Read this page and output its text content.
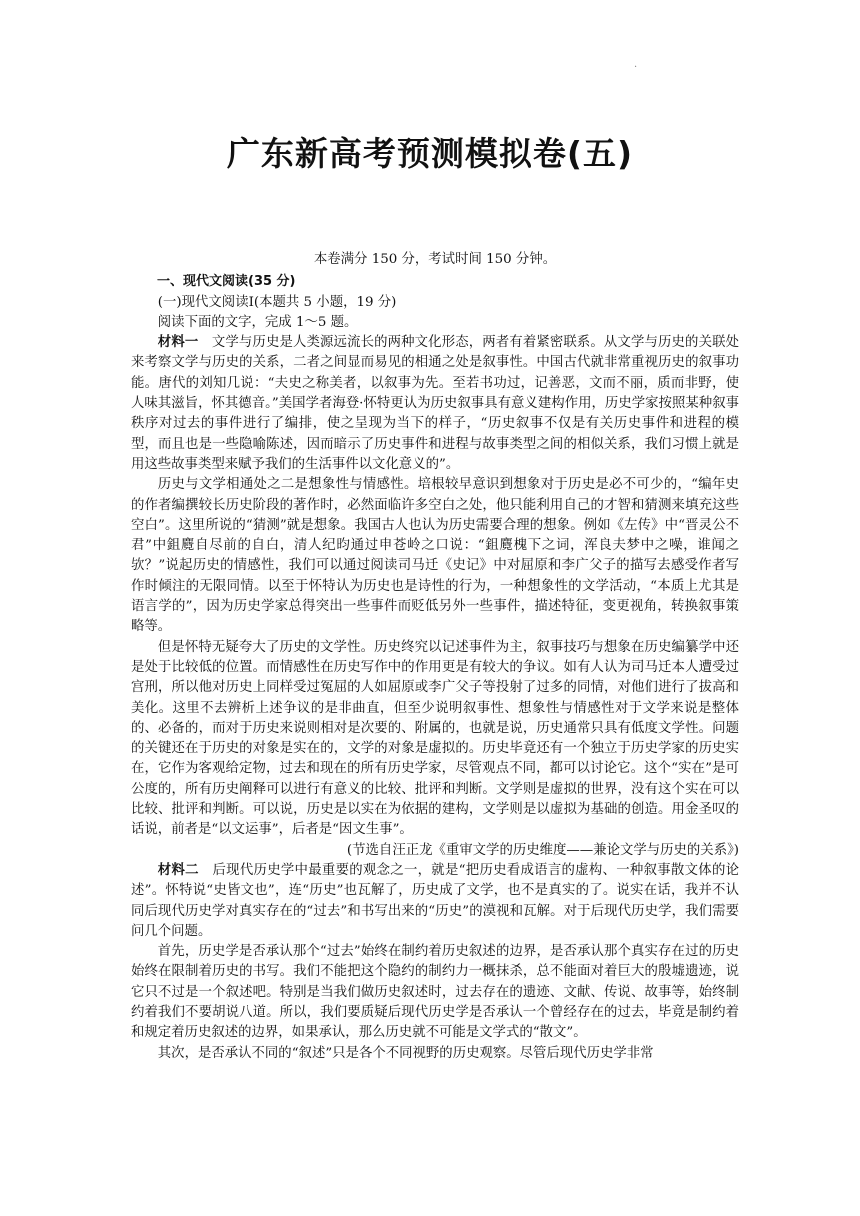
·
广东新高考预测模拟卷(五)

本卷满分 150 分，考试时间 150 分钟。

一、现代文阅读(35 分)

(一)现代文阅读Ⅰ(本题共 5 小题，19 分)

阅读下面的文字，完成 1～5 题。

材料一  文学与历史是人类源远流长的两种文化形态，两者有着紧密联系。从文学与历史的关联处来考察文学与历史的关系，二者之间显而易见的相通之处是叙事性。中国古代就非常重视历史的叙事功能。唐代的刘知几说：“夫史之称美者，以叙事为先。至若书功过，记善恶，文而不丽，质而非野，使人味其滋旨，怀其德音。”美国学者海登·怀特更认为历史叙事具有意义建构作用，历史学家按照某种叙事秩序对过去的事件进行了编排，使之呈现为当下的样子，“历史叙事不仅是有关历史事件和进程的模型，而且也是一些隐喻陈述，因而暗示了历史事件和进程与故事类型之间的相似关系，我们习惯上就是用这些故事类型来赋予我们的生活事件以文化意义的”。

历史与文学相通处之二是想象性与情感性。培根较早意识到想象对于历史是必不可少的，“编年史的作者编撰较长历史阶段的著作时，必然面临许多空白之处，他只能利用自己的才智和猜测来填充这些空白”。这里所说的“猜测”就是想象。我国古人也认为历史需要合理的想象。例如《左传》中“晋灵公不君”中鉏麑自尽前的自白，清人纪昀通过申苍岭之口说：“鉏麑槐下之词，浑良夫梦中之噪，谁闻之欤？”说起历史的情感性，我们可以通过阅读司马迁《史记》中对屈原和李广父子的描写去感受作者写作时倾注的无限同情。以至于怀特认为历史也是诗性的行为，一种想象性的文学活动，“本质上尤其是语言学的”，因为历史学家总得突出一些事件而贬低另外一些事件，描述特征，变更视角，转换叙事策略等。

但是怀特无疑夸大了历史的文学性。历史终究以记述事件为主，叙事技巧与想象在历史编纂学中还是处于比较低的位置。而情感性在历史写作中的作用更是有较大的争议。如有人认为司马迁本人遭受过宫刑，所以他对历史上同样受过冤屈的人如屈原或李广父子等投射了过多的同情，对他们进行了拔高和美化。这里不去辨析上述争议的是非曲直，但至少说明叙事性、想象性与情感性对于文学来说是整体的、必备的，而对于历史来说则相对是次要的、附属的，也就是说，历史通常只具有低度文学性。问题的关键还在于历史的对象是实在的，文学的对象是虚拟的。历史毕竟还有一个独立于历史学家的历史实在，它作为客观给定物，过去和现在的所有历史学家，尽管观点不同，都可以讨论它。这个“实在”是可公度的，所有历史阐释可以进行有意义的比较、批评和判断。文学则是虚拟的世界，没有这个实在可以比较、批评和判断。可以说，历史是以实在为依据的建构，文学则是以虚拟为基础的创造。用金圣叹的话说，前者是“以文运事”，后者是“因文生事”。

(节选自汪正龙《重审文学的历史维度——兼论文学与历史的关系》)

材料二  后现代历史学中最重要的观念之一，就是“把历史看成语言的虚构、一种叙事散文体的论述”。怀特说“史皆文也”，连“历史”也瓦解了，历史成了文学，也不是真实的了。说实在话，我并不认同后现代历史学对真实存在的“过去”和书写出来的“历史”的漠视和瓦解。对于后现代历史学，我们需要问几个问题。

首先，历史学是否承认那个“过去”始终在制约着历史叙述的边界，是否承认那个真实存在过的历史始终在限制着历史的书写。我们不能把这个隐约的制约力一概抹杀，总不能面对着巨大的殷墟遗迹，说它只不过是一个叙述吧。特别是当我们做历史叙述时，过去存在的遗迹、文献、传说、故事等，始终制约着我们不要胡说八道。所以，我们要质疑后现代历史学是否承认一个曾经存在的过去，毕竟是制约着和规定着历史叙述的边界，如果承认，那么历史就不可能是文学式的“散文”。

其次，是否承认不同的“叙述”只是各个不同视野的历史观察。尽管后现代历史学非常
